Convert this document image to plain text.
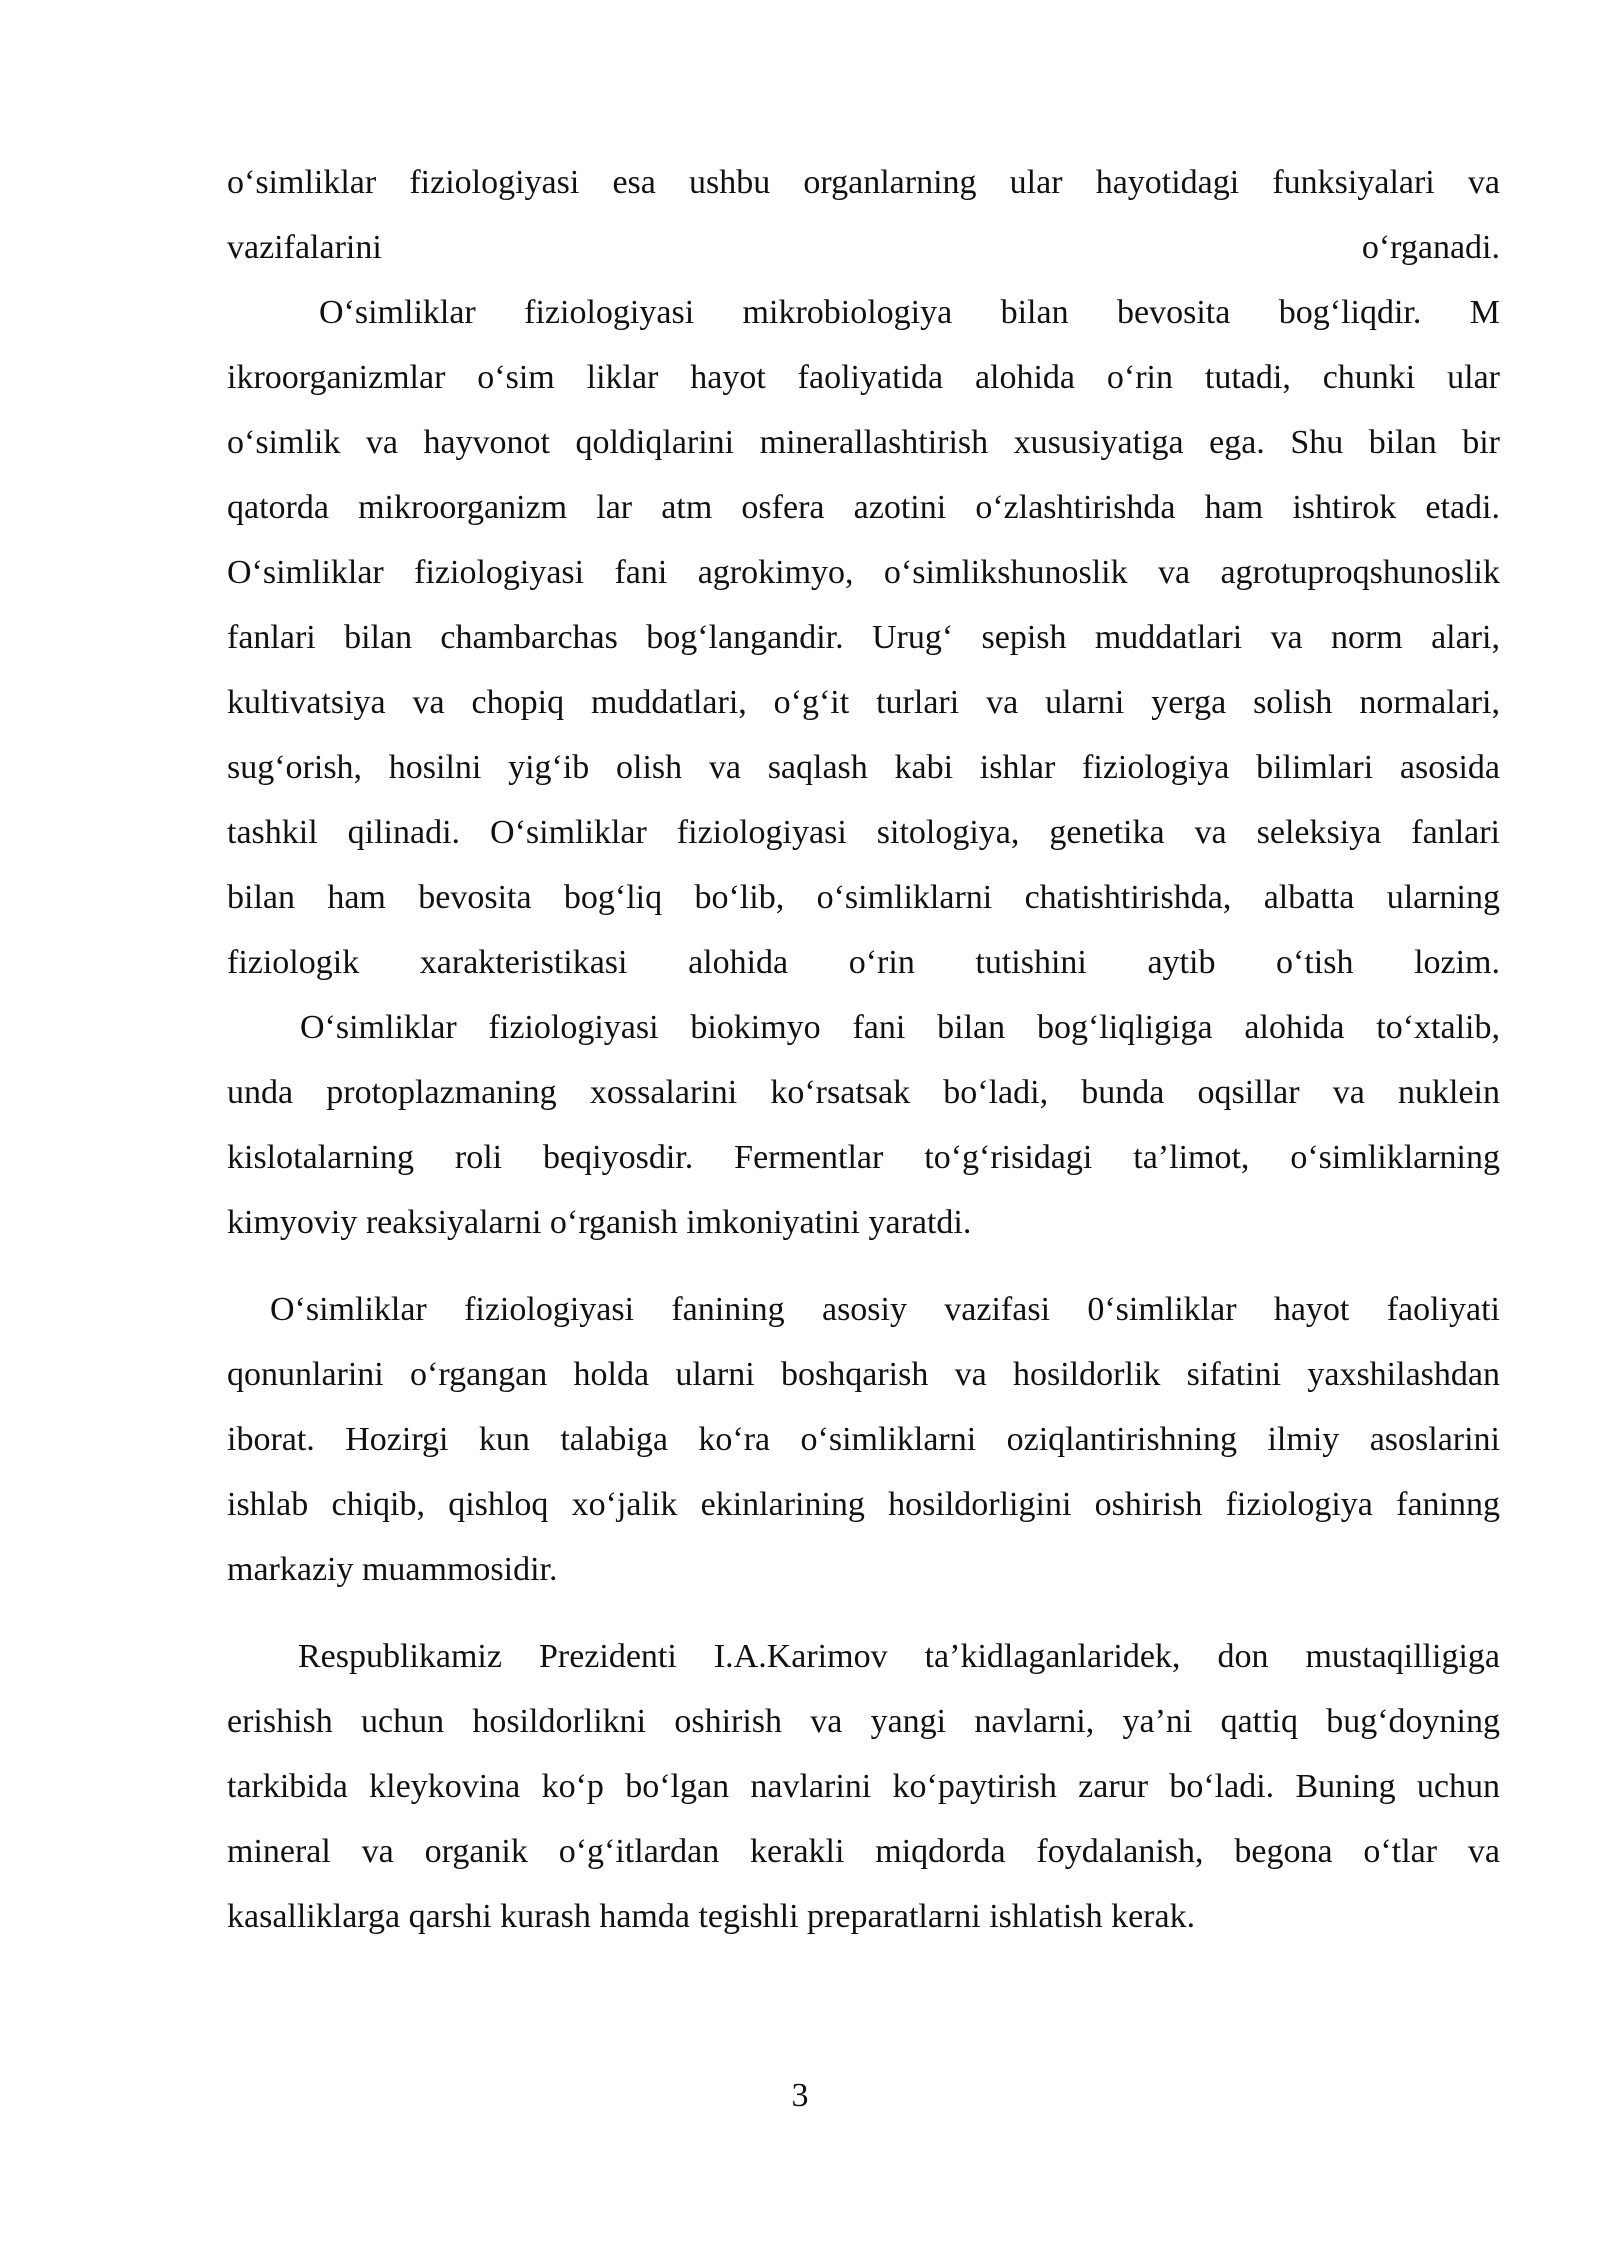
o‘simliklar fiziologiyasi esa ushbu organlarning ular hayotidagi funksiyalari va
vazifalarini o‘rganadi.
O‘simliklar fiziologiyasi mikrobiologiya bilan bevosita bog‘liqdir. M
ikroorganizmlar o‘sim liklar hayot faoliyatida alohida o‘rin tutadi, chunki ular
o‘simlik va hayvonot qoldiqlarini minerallashtirish xususiyatiga ega. Shu bilan bir
qatorda mikroorganizm lar atm osfera azotini o‘zlashtirishda ham ishtirok etadi.
O‘simliklar fiziologiyasi fani agrokimyo, o‘simlikshunoslik va agrotuproqshunoslik
fanlari bilan chambarchas bog‘langandir. Urug‘ sepish muddatlari va norm alari,
kultivatsiya va chopiq muddatlari, o‘g‘it turlari va ularni yerga solish normalari,
sug‘orish, hosilni yig‘ib olish va saqlash kabi ishlar fiziologiya bilimlari asosida
tashkil qilinadi. O‘simliklar fiziologiyasi sitologiya, genetika va seleksiya fanlari
bilan ham bevosita bog‘liq bo‘lib, o‘simliklarni chatishtirishda, albatta ularning
fiziologik xarakteristikasi alohida o‘rin tutishini aytib o‘tish lozim.
O‘simliklar fiziologiyasi biokimyo fani bilan bog‘liqligiga alohida to‘xtalib,
unda protoplazmaning xossalarini ko‘rsatsak bo‘ladi, bunda oqsillar va nuklein
kislotalarning roli beqiyosdir. Fermentlar to‘g‘risidagi ta’limot, o‘simliklarning
kimyoviy reaksiyalarni o‘rganish imkoniyatini yaratdi.
O‘simliklar fiziologiyasi fanining asosiy vazifasi 0‘simliklar hayot faoliyati
qonunlarini o‘rgangan holda ularni boshqarish va hosildorlik sifatini yaxshilashdan
iborat. Hozirgi kun talabiga ko‘ra o‘simliklarni oziqlantirishning ilmiy asoslarini
ishlab chiqib, qishloq xo‘jalik ekinlarining hosildorligini oshirish fiziologiya faninng
markaziy muammosidir.
Respublikamiz Prezidenti I.A.Karimov ta’kidlaganlaridek, don mustaqilligiga
erishish uchun hosildorlikni oshirish va yangi navlarni, ya’ni qattiq bug‘doyning
tarkibida kleykovina ko‘p bo‘lgan navlarini ko‘paytirish zarur bo‘ladi. Buning uchun
mineral va organik o‘g‘itlardan kerakli miqdorda foydalanish, begona o‘tlar va
kasalliklarga qarshi kurash hamda tegishli preparatlarni ishlatish kerak.
3
